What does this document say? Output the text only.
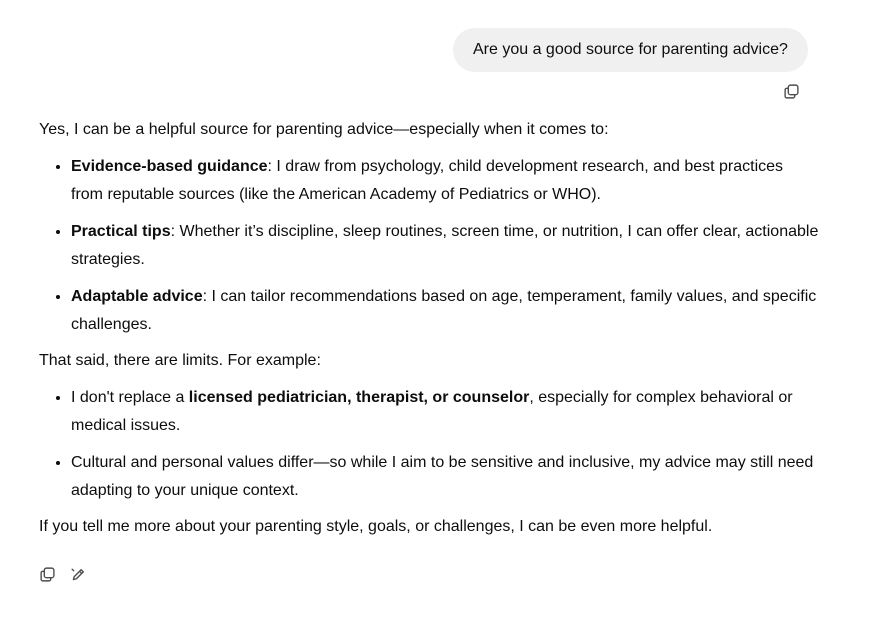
Are you a good source for parenting advice?

Yes, I can be a helpful source for parenting advice—especially when it comes to:

• Evidence-based guidance: I draw from psychology, child development research, and best practices from reputable sources (like the American Academy of Pediatrics or WHO).
• Practical tips: Whether it’s discipline, sleep routines, screen time, or nutrition, I can offer clear, actionable strategies.
• Adaptable advice: I can tailor recommendations based on age, temperament, family values, and specific challenges.

That said, there are limits. For example:

• I don't replace a licensed pediatrician, therapist, or counselor, especially for complex behavioral or medical issues.
• Cultural and personal values differ—so while I aim to be sensitive and inclusive, my advice may still need adapting to your unique context.

If you tell me more about your parenting style, goals, or challenges, I can be even more helpful.
